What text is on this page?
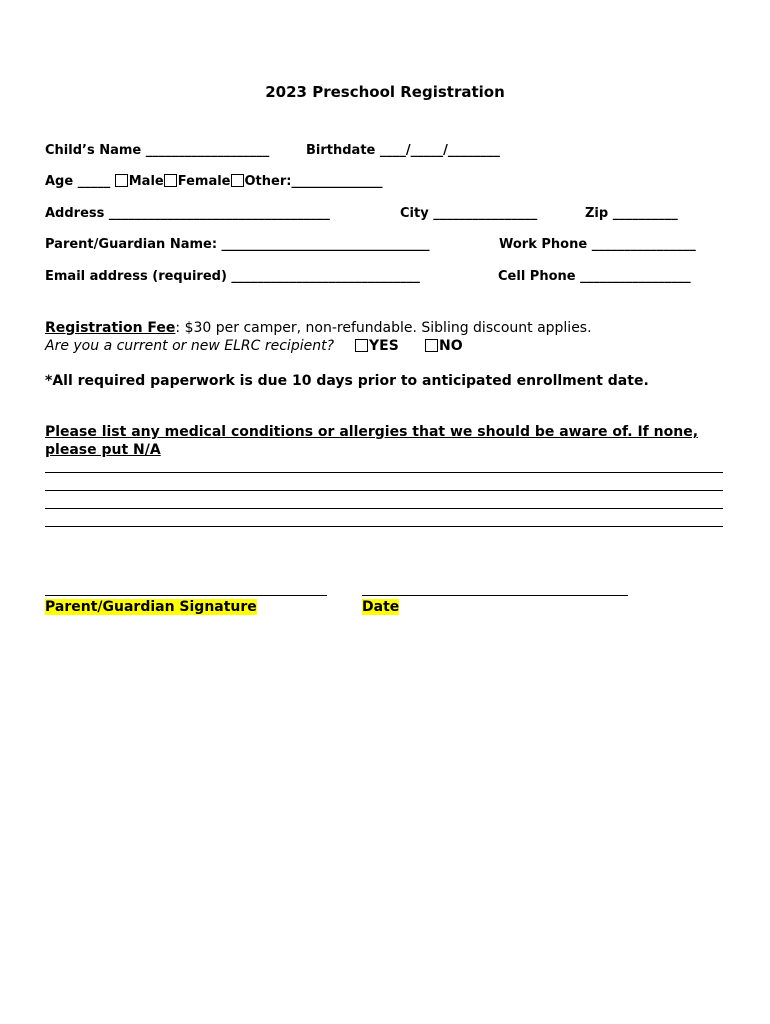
2023 Preschool Registration
Child’s Name ___________________	Birthdate ____/_____/________
Age _____ Male Female Other:______________
Address __________________________________	City ________________	Zip __________
Parent/Guardian Name: ________________________________	Work Phone ________________
Email address (required) _____________________________	Cell Phone _________________
Registration Fee: $30 per camper, non-refundable. Sibling discount applies.
Are you a current or new ELRC recipient?	YES	NO
*All required paperwork is due 10 days prior to anticipated enrollment date.
Please list any medical conditions or allergies that we should be aware of. If none,
please put N/A
Parent/Guardian Signature	Date
